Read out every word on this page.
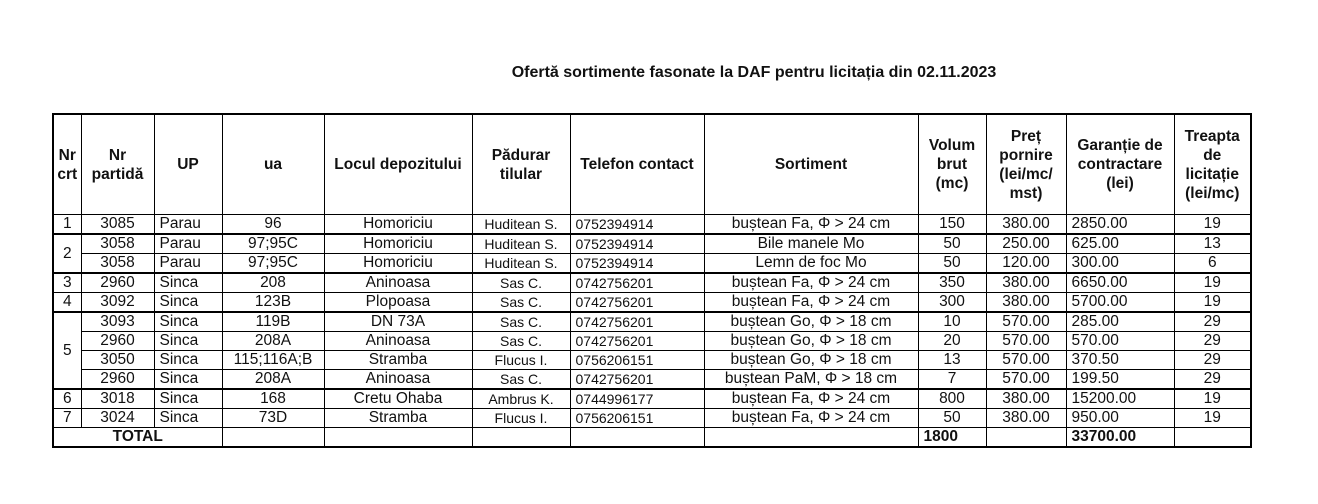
Ofertă sortimente fasonate la DAF pentru licitația din 02.11.2023
Nr crt	Nr partidă	UP	ua	Locul depozitului	Pădurar tilular	Telefon contact	Sortiment	Volum brut (mc)	Preț pornire (lei/mc/ mst)	Garanție de contractare (lei)	Treapta de licitație (lei/mc)
1	3085	Parau	96	Homoriciu	Huditean S.	0752394914	buștean Fa, Φ > 24 cm	150	380.00	2850.00	19
2	3058	Parau	97;95C	Homoriciu	Huditean S.	0752394914	Bile manele Mo	50	250.00	625.00	13
	3058	Parau	97;95C	Homoriciu	Huditean S.	0752394914	Lemn de foc Mo	50	120.00	300.00	6
3	2960	Sinca	208	Aninoasa	Sas C.	0742756201	buștean Fa, Φ > 24 cm	350	380.00	6650.00	19
4	3092	Sinca	123B	Plopoasa	Sas C.	0742756201	buștean Fa, Φ > 24 cm	300	380.00	5700.00	19
5	3093	Sinca	119B	DN 73A	Sas C.	0742756201	buștean Go, Φ > 18 cm	10	570.00	285.00	29
	2960	Sinca	208A	Aninoasa	Sas C.	0742756201	buștean Go, Φ > 18 cm	20	570.00	570.00	29
	3050	Sinca	115;116A;B	Stramba	Flucus I.	0756206151	buștean Go, Φ > 18 cm	13	570.00	370.50	29
	2960	Sinca	208A	Aninoasa	Sas C.	0742756201	buștean PaM, Φ > 18 cm	7	570.00	199.50	29
6	3018	Sinca	168	Cretu Ohaba	Ambrus K.	0744996177	buștean Fa, Φ > 24 cm	800	380.00	15200.00	19
7	3024	Sinca	73D	Stramba	Flucus I.	0756206151	buștean Fa, Φ > 24 cm	50	380.00	950.00	19
TOTAL								1800		33700.00	
